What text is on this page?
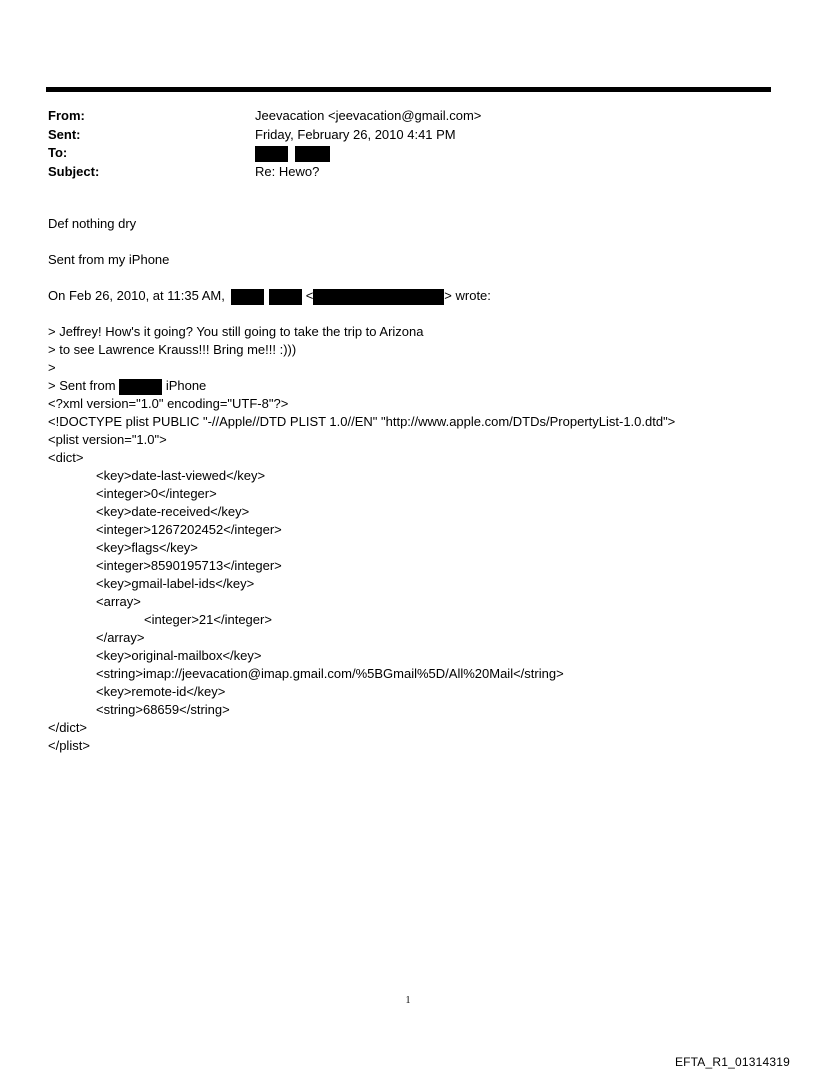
From:	Jeevacation <jeevacation@gmail.com>
Sent:	Friday, February 26, 2010 4:41 PM
To:

Subject:	Re: Hewo?
Def nothing dry
Sent from my iPhone
On Feb 26, 2010, at 11:35 AM,	<	> wrote:
> Jeffrey! How's it going? You still going to take the trip to Arizona
> to see Lawrence Krauss!!! Bring me!!! :)))
>
> Sent from	iPhone
<?xml version="1.0" encoding="UTF-8"?>
<!DOCTYPE plist PUBLIC "-//Apple//DTD PLIST 1.0//EN" "http://www.apple.com/DTDs/PropertyList-1.0.dtd">
<plist version="1.0">
<dict>
<key>date-last-viewed</key>
<integer>0</integer>
<key>date-received</key>
<integer>1267202452</integer>
<key>flags</key>
<integer>8590195713</integer>
<key>gmail-label-ids</key>
<array>
<integer>21</integer>
</array>
<key>original-mailbox</key>
<string>imap://jeevacation@imap.gmail.com/%5BGmail%5D/All%20Mail</string>
<key>remote-id</key>
<string>68659</string>
</dict>
</plist>
1
EFTA_R1_01314319
